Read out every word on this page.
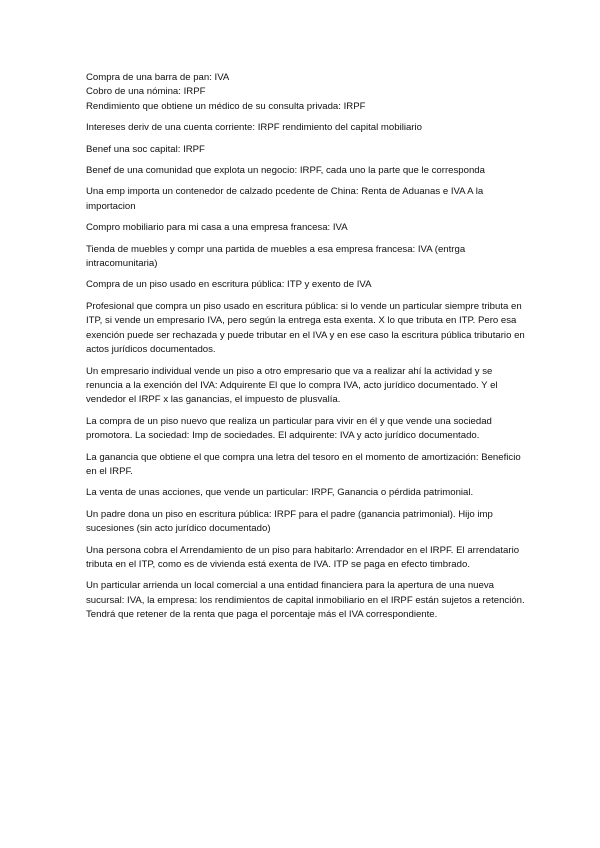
Compra de una barra de pan: IVA

Cobro de una nómina: IRPF

Rendimiento que obtiene un médico de su consulta privada: IRPF

Intereses deriv de una cuenta corriente: IRPF rendimiento del capital mobiliario

Benef una soc capital: IRPF

Benef de una comunidad que explota un negocio: IRPF, cada uno la parte que le corresponda

Una emp importa un contenedor de calzado pcedente de China: Renta de Aduanas e IVA A la importacion

Compro mobiliario para mi casa a una empresa francesa: IVA

Tienda de muebles y compr una partida de muebles a esa empresa francesa: IVA (entrga intracomunitaria)

Compra de un piso usado en escritura pública: ITP y exento de IVA

Profesional que compra un piso usado en escritura pública: si lo vende un particular siempre tributa en ITP, si vende un empresario IVA, pero según la entrega esta exenta. X lo que tributa en ITP. Pero esa exención puede ser rechazada y puede tributar en el IVA y en ese caso la escritura pública tributario en actos jurídicos documentados.

Un empresario individual vende un piso a otro empresario que va a realizar ahí la actividad y se renuncia a la exención del IVA: Adquirente El que lo compra IVA, acto jurídico documentado. Y el vendedor el IRPF x las ganancias, el impuesto de plusvalía.

La compra de un piso nuevo que realiza un particular para vivir en él y que vende una sociedad promotora. La sociedad: Imp de sociedades. El adquirente: IVA y acto jurídico documentado.

La ganancia que obtiene el que compra una letra del tesoro en el momento de amortización: Beneficio en el IRPF.

La venta de unas acciones, que vende un particular: IRPF, Ganancia o pérdida patrimonial.

Un padre dona un piso en escritura pública: IRPF para el padre (ganancia patrimonial). Hijo imp sucesiones (sin acto jurídico documentado)

Una persona cobra el Arrendamiento de un piso para habitarlo: Arrendador en el IRPF. El arrendatario tributa en el ITP, como es de vivienda está exenta de IVA. ITP se paga en efecto timbrado.

Un particular arrienda un local comercial a una entidad financiera para la apertura de una nueva sucursal: IVA, la empresa: los rendimientos de capital inmobiliario en el IRPF están sujetos a retención. Tendrá que retener de la renta que paga el porcentaje más el IVA correspondiente.
